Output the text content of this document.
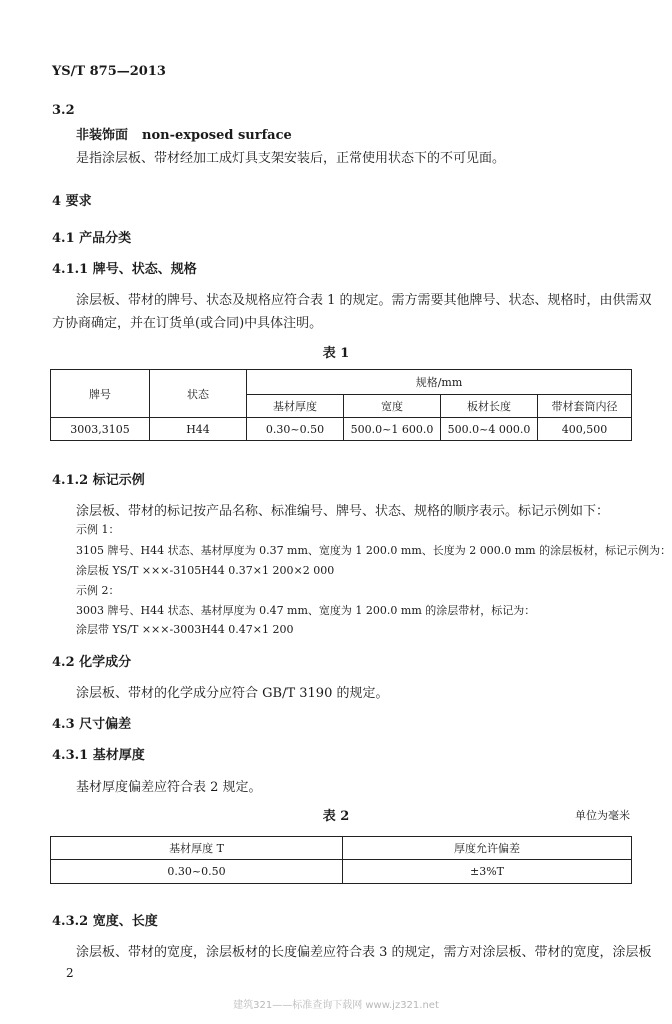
YS/T 875—2013
3.2
非装饰面 non-exposed surface
是指涂层板、带材经加工成灯具支架安装后，正常使用状态下的不可见面。
4 要求
4.1 产品分类
4.1.1 牌号、状态、规格
涂层板、带材的牌号、状态及规格应符合表 1 的规定。需方需要其他牌号、状态、规格时，由供需双
方协商确定，并在订货单(或合同)中具体注明。
表 1
牌号	状态	规格/mm			
		基材厚度	宽度	板材长度	带材套筒内径
3003,3105	H44	0.30~0.50	500.0~1 600.0	500.0~4 000.0	400,500
4.1.2 标记示例
涂层板、带材的标记按产品名称、标准编号、牌号、状态、规格的顺序表示。标记示例如下：
示例 1：
3105 牌号、H44 状态、基材厚度为 0.37 mm、宽度为 1 200.0 mm、长度为 2 000.0 mm 的涂层板材，标记示例为：
涂层板 YS/T ×××-3105H44 0.37×1 200×2 000
示例 2：
3003 牌号、H44 状态、基材厚度为 0.47 mm、宽度为 1 200.0 mm 的涂层带材，标记为：
涂层带 YS/T ×××-3003H44 0.47×1 200
4.2 化学成分
涂层板、带材的化学成分应符合 GB/T 3190 的规定。
4.3 尺寸偏差
4.3.1 基材厚度
基材厚度偏差应符合表 2 规定。
表 2	单位为毫米
基材厚度 T	厚度允许偏差
0.30~0.50	±3%T
4.3.2 宽度、长度
涂层板、带材的宽度，涂层板材的长度偏差应符合表 3 的规定，需方对涂层板、带材的宽度，涂层板
2
建筑321——标准查询下载网 www.jz321.net
